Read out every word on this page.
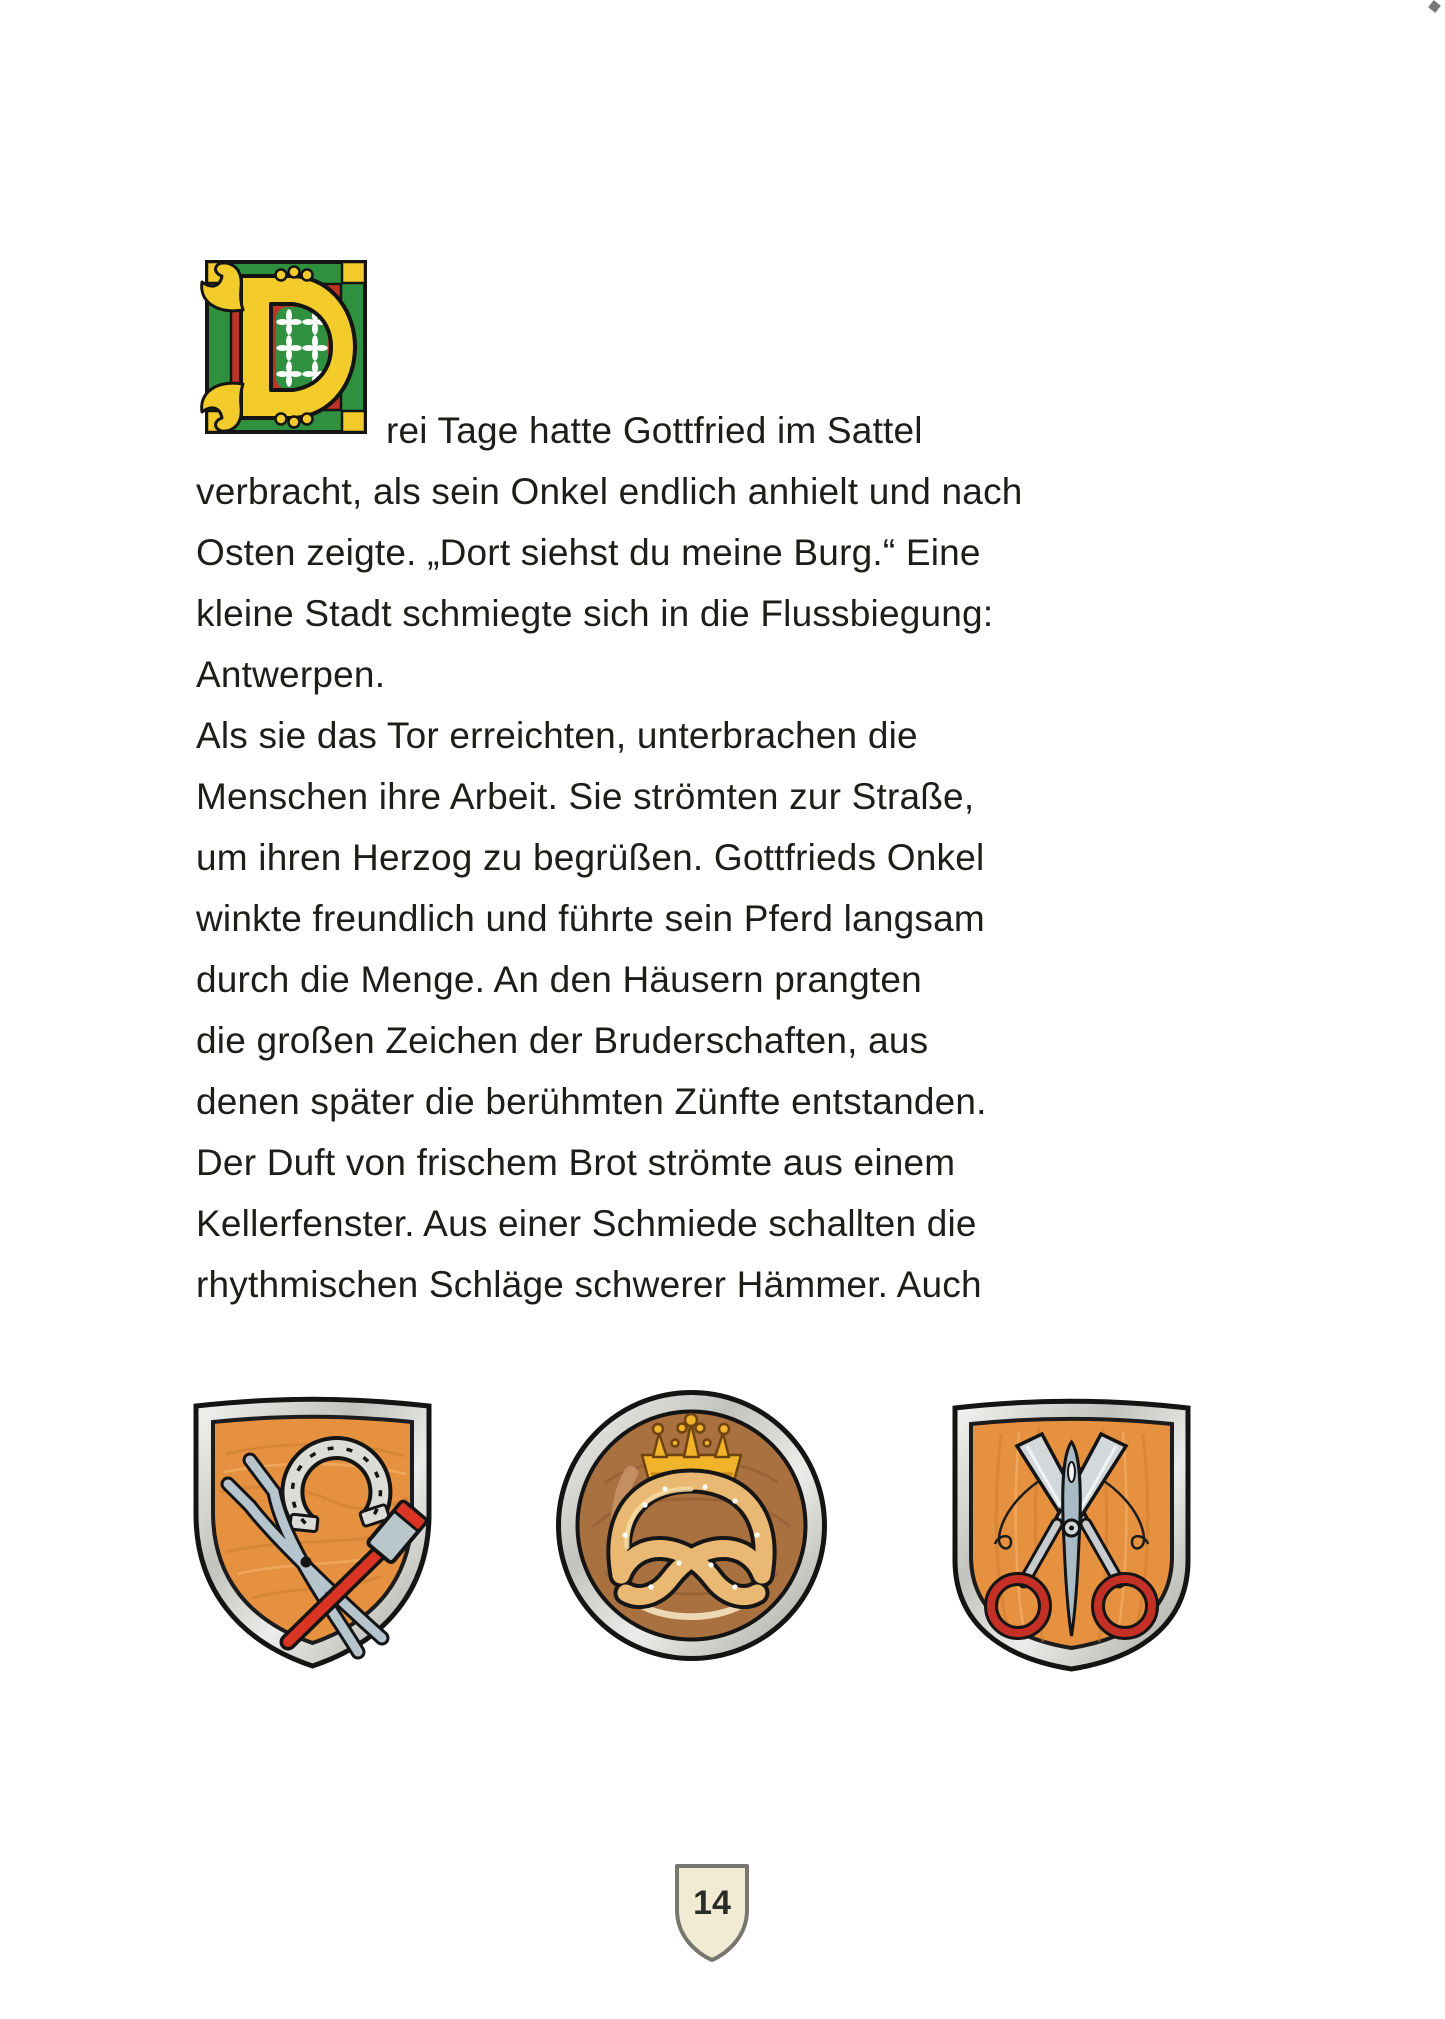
rei Tage hatte Gottfried im Sattel
verbracht, als sein Onkel endlich anhielt und nach
Osten zeigte. „Dort siehst du meine Burg.“ Eine
kleine Stadt schmiegte sich in die Flussbiegung:
Antwerpen.
Als sie das Tor erreichten, unterbrachen die
Menschen ihre Arbeit. Sie strömten zur Straße,
um ihren Herzog zu begrüßen. Gottfrieds Onkel
winkte freundlich und führte sein Pferd langsam
durch die Menge. An den Häusern prangten
die großen Zeichen der Bruderschaften, aus
denen später die berühmten Zünfte entstanden.
Der Duft von frischem Brot strömte aus einem
Kellerfenster. Aus einer Schmiede schallten die
rhythmischen Schläge schwerer Hämmer. Auch
14
